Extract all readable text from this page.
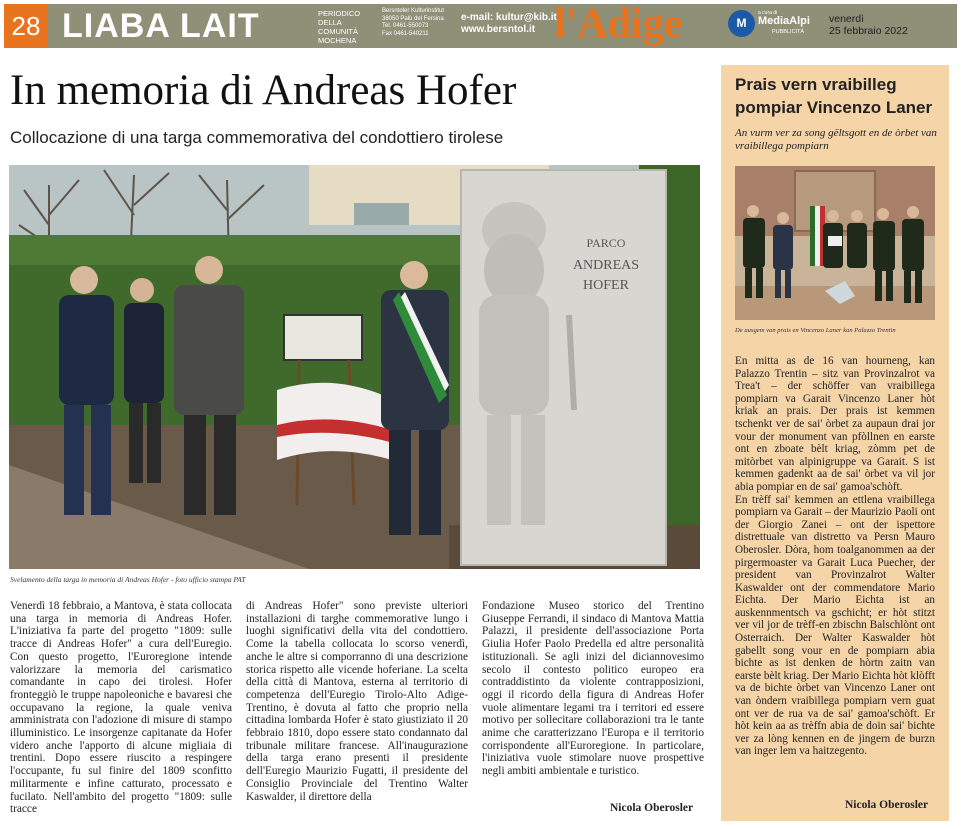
28 LIABA LAIT	PERIODICO DELLA COMUNITÀ MOCHENA
Bersntoler Kulturinstitut
38050 Palù del Fersina
Tel. 0461-550073
Fax 0461-540211
e-mail: kultur@kib.it
www.bersntol.it l'Adige	M
a cura di
MediaAlpi
PUBBLICITÀ
venerdì
25 febbraio 2022
In memoria di Andreas Hofer
Collocazione di una targa commemorativa del condottiero tirolese
PARCO
ANDREAS
HOFER
Svelamento della targa in memoria di Andreas Hofer - foto ufficio stampa PAT

Venerdì 18 febbraio, a Mantova, è stata collocata una targa in memoria di Andreas Hofer. L'iniziativa fa parte del progetto "1809: sulle tracce di Andreas Hofer" a cura dell'Euregio. Con questo progetto, l'Euroregione intende valorizzare la memoria del carismatico comandante in capo dei tirolesi. Hofer fronteggiò le truppe napoleoniche e bavaresi che occupavano la regione, la quale veniva amministrata con l'adozione di misure di stampo illuministico. Le insorgenze capitanate da Hofer videro anche l'apporto di alcune migliaia di trentini. Dopo essere riuscito a respingere l'occupante, fu sul finire del 1809 sconfitto militarmente e infine catturato, processato e fucilato. Nell'ambito del progetto "1809: sulle tracce

di Andreas Hofer" sono previste ulteriori installazioni di targhe commemorative lungo i luoghi significativi della vita del condottiero. Come la tabella collocata lo scorso venerdì, anche le altre si comporranno di una descrizione storica rispetto alle vicende hoferiane. La scelta della città di Mantova, esterna al territorio di competenza dell'Euregio Tirolo-Alto Adige-Trentino, è dovuta al fatto che proprio nella cittadina lombarda Hofer è stato giustiziato il 20 febbraio 1810, dopo essere stato condannato dal tribunale militare francese. All'inaugurazione della targa erano presenti il presidente dell'Euregio Maurizio Fugatti, il presidente del Consiglio Provinciale del Trentino Walter Kaswalder, il direttore della

Fondazione Museo storico del Trentino Giuseppe Ferrandi, il sindaco di Mantova Mattia Palazzi, il presidente dell'associazione Porta Giulia Hofer Paolo Predella ed altre personalità istituzionali. Se agli inizi del diciannovesimo secolo il contesto politico europeo era contraddistinto da violente contrapposizioni, oggi il ricordo della figura di Andreas Hofer vuole alimentare legami tra i territori ed essere motivo per sollecitare collaborazioni tra le tante anime che caratterizzano l'Europa e il territorio corrispondente all'Euroregione. In particolare, l'iniziativa vuole stimolare nuove prospettive negli ambiti ambientale e turistico.

Nicola Oberosler
Prais vern vraibilleg pompiar Vincenzo Laner
An vurm ver za song gëltsgott en de òrbet van vraibillega pompiarn
De ausgem van prais en Vincenzo Laner kan Palazzo Trentin

En mitta as de 16 van hourneng, kan Palazzo Trentin – sitz van Provinzalrot va Trea't – der schöffer van vraibillega pompiarn va Garait Vincenzo Laner hòt kriak an prais. Der prais ist kemmen tschenkt ver de sai' òrbet za aupaun drai jor vour der monument van pfòllnen en earste ont en zboate bèlt kriag, zòmm pet de mitòrbet van alpinigruppe va Garait. S ist kemmen gadenkt aa de sai' òrbet va vil jor abia pompiar en de sai' gamoa'schòft.

En trèff sai' kemmen an ettlena vraibillega pompiarn va Garait – der Maurizio Paoli ont der Giorgio Zanei – ont der ispettore distrettuale van distretto va Persn Mauro Oberosler. Dòra, hom toalganommen aa der pirgermoaster va Garait Luca Puecher, der president van Provinzalrot Walter Kaswalder ont der commendatore Mario Eichta. Der Mario Eichta ist an auskennmentsch va gschicht; er hòt stitzt ver vil jor de trèff-en zbischn Balschlònt ont Osterraich. Der Walter Kaswalder hòt gabellt song vour en de pompiarn abia bichte as ist denken de hòrtn zaitn van earste bèlt kriag. Der Mario Eichta hòt klòfft va de bichte òrbet van Vincenzo Laner ont van òndern vraibillega pompiarn vern guat ont ver de rua va de sai' gamoa'schòft. Er hòt kein aa as trèffn abia de doin sai' bichte ver za lòng kennen en de jingern de burzn van inger lem va haitzegento.

Nicola Oberosler
